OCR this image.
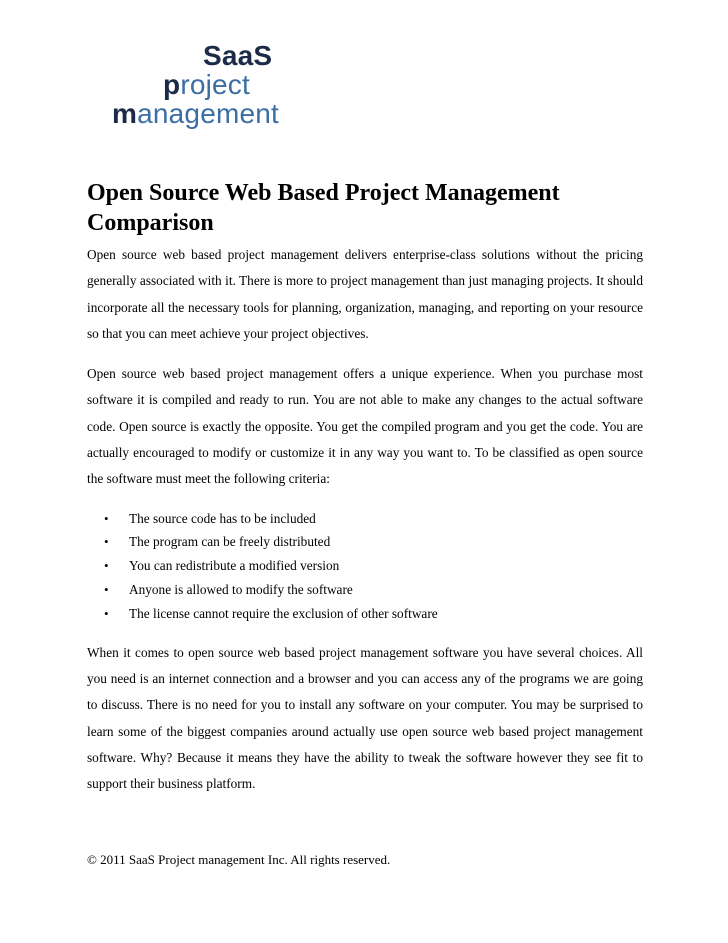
SaaS
project
management
Open Source Web Based Project Management Comparison

Open source web based project management delivers enterprise-class solutions without the pricing generally associated with it. There is more to project management than just managing projects. It should incorporate all the necessary tools for planning, organization, managing, and reporting on your resource so that you can meet achieve your project objectives.

Open source web based project management offers a unique experience. When you purchase most software it is compiled and ready to run. You are not able to make any changes to the actual software code. Open source is exactly the opposite. You get the compiled program and you get the code. You are actually encouraged to modify or customize it in any way you want to. To be classified as open source the software must meet the following criteria:

• The source code has to be included
• The program can be freely distributed
• You can redistribute a modified version
• Anyone is allowed to modify the software
• The license cannot require the exclusion of other software

When it comes to open source web based project management software you have several choices. All you need is an internet connection and a browser and you can access any of the programs we are going to discuss. There is no need for you to install any software on your computer. You may be surprised to learn some of the biggest companies around actually use open source web based project management software. Why? Because it means they have the ability to tweak the software however they see fit to support their business platform.

© 2011 SaaS Project management Inc. All rights reserved.
